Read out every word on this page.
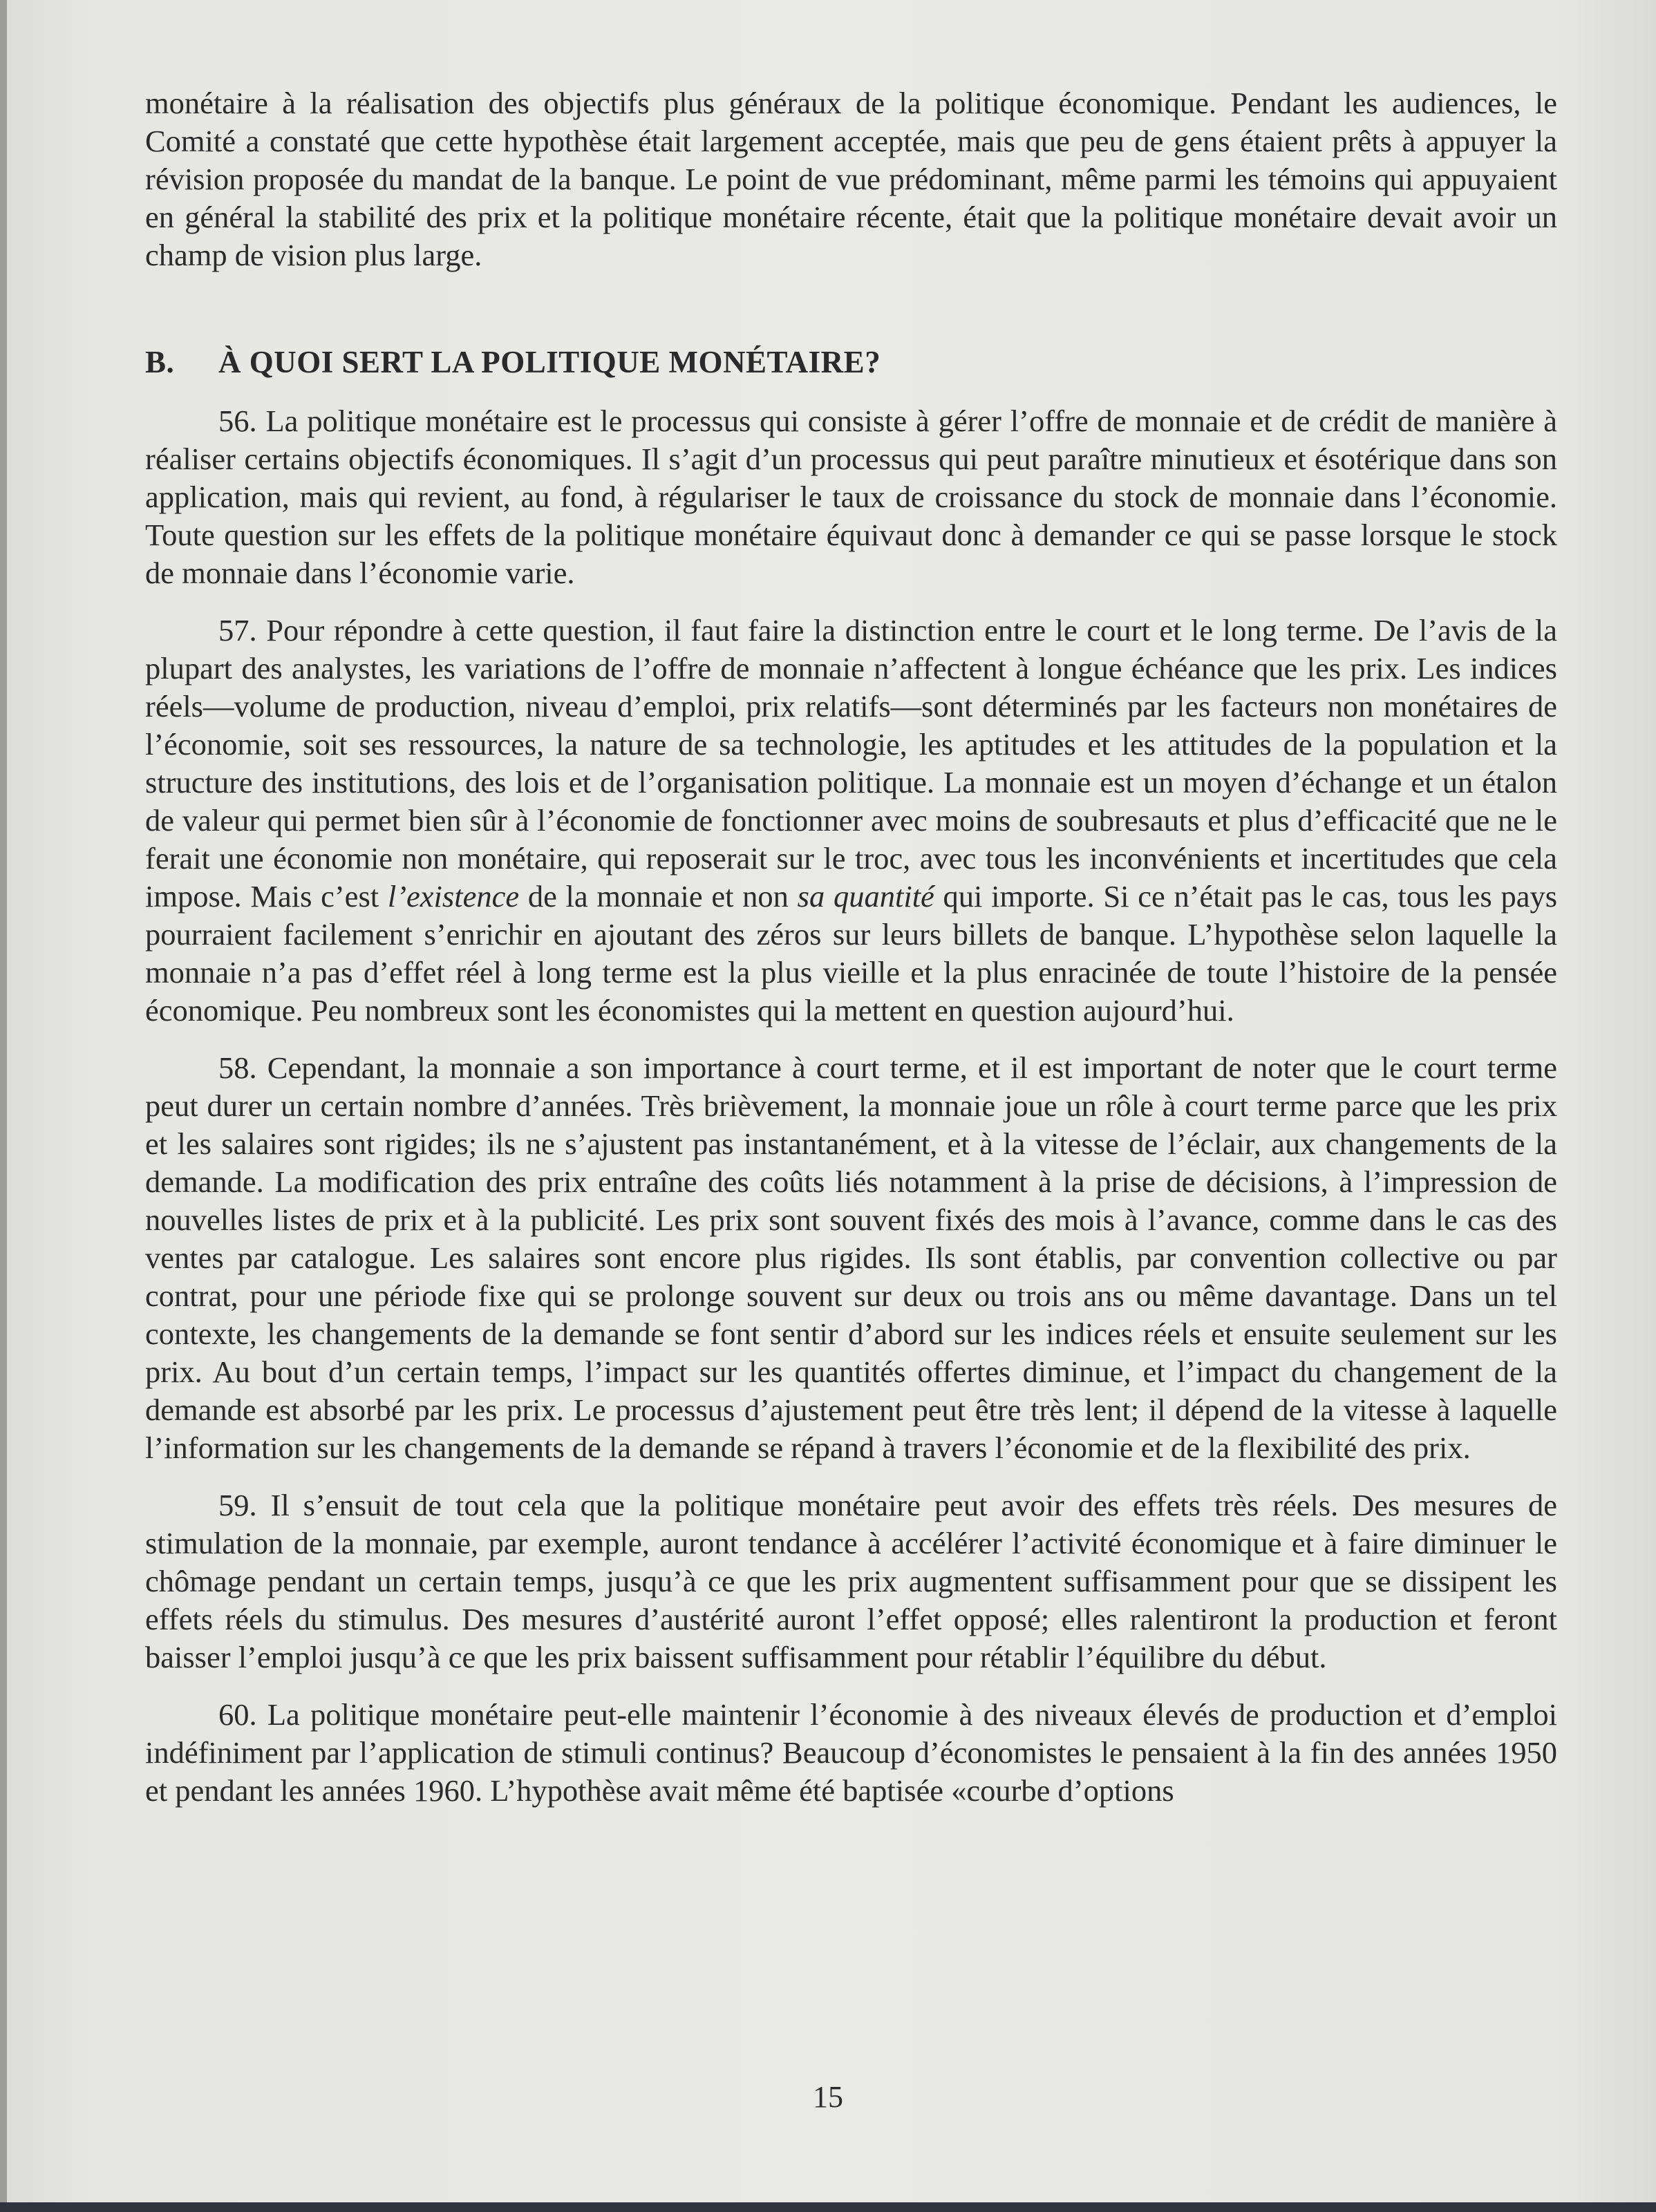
monétaire à la réalisation des objectifs plus généraux de la politique économique. Pendant les audiences, le Comité a constaté que cette hypothèse était largement acceptée, mais que peu de gens étaient prêts à appuyer la révision proposée du mandat de la banque. Le point de vue prédominant, même parmi les témoins qui appuyaient en général la stabilité des prix et la politique monétaire récente, était que la politique monétaire devait avoir un champ de vision plus large.

B. À QUOI SERT LA POLITIQUE MONÉTAIRE?

56. La politique monétaire est le processus qui consiste à gérer l’offre de monnaie et de crédit de manière à réaliser certains objectifs économiques. Il s’agit d’un processus qui peut paraître minutieux et ésotérique dans son application, mais qui revient, au fond, à régulariser le taux de croissance du stock de monnaie dans l’économie. Toute question sur les effets de la politique monétaire équivaut donc à demander ce qui se passe lorsque le stock de monnaie dans l’économie varie.

57. Pour répondre à cette question, il faut faire la distinction entre le court et le long terme. De l’avis de la plupart des analystes, les variations de l’offre de monnaie n’affectent à longue échéance que les prix. Les indices réels—volume de production, niveau d’emploi, prix relatifs—sont déterminés par les facteurs non monétaires de l’économie, soit ses ressources, la nature de sa technologie, les aptitudes et les attitudes de la population et la structure des institutions, des lois et de l’organisation politique. La monnaie est un moyen d’échange et un étalon de valeur qui permet bien sûr à l’économie de fonctionner avec moins de soubresauts et plus d’efficacité que ne le ferait une économie non monétaire, qui reposerait sur le troc, avec tous les inconvénients et incertitudes que cela impose. Mais c’est l’existence de la monnaie et non sa quantité qui importe. Si ce n’était pas le cas, tous les pays pourraient facilement s’enrichir en ajoutant des zéros sur leurs billets de banque. L’hypothèse selon laquelle la monnaie n’a pas d’effet réel à long terme est la plus vieille et la plus enracinée de toute l’histoire de la pensée économique. Peu nombreux sont les économistes qui la mettent en question aujourd’hui.

58. Cependant, la monnaie a son importance à court terme, et il est important de noter que le court terme peut durer un certain nombre d’années. Très brièvement, la monnaie joue un rôle à court terme parce que les prix et les salaires sont rigides; ils ne s’ajustent pas instantanément, et à la vitesse de l’éclair, aux changements de la demande. La modification des prix entraîne des coûts liés notamment à la prise de décisions, à l’impression de nouvelles listes de prix et à la publicité. Les prix sont souvent fixés des mois à l’avance, comme dans le cas des ventes par catalogue. Les salaires sont encore plus rigides. Ils sont établis, par convention collective ou par contrat, pour une période fixe qui se prolonge souvent sur deux ou trois ans ou même davantage. Dans un tel contexte, les changements de la demande se font sentir d’abord sur les indices réels et ensuite seulement sur les prix. Au bout d’un certain temps, l’impact sur les quantités offertes diminue, et l’impact du changement de la demande est absorbé par les prix. Le processus d’ajustement peut être très lent; il dépend de la vitesse à laquelle l’information sur les changements de la demande se répand à travers l’économie et de la flexibilité des prix.

59. Il s’ensuit de tout cela que la politique monétaire peut avoir des effets très réels. Des mesures de stimulation de la monnaie, par exemple, auront tendance à accélérer l’activité économique et à faire diminuer le chômage pendant un certain temps, jusqu’à ce que les prix augmentent suffisamment pour que se dissipent les effets réels du stimulus. Des mesures d’austérité auront l’effet opposé; elles ralentiront la production et feront baisser l’emploi jusqu’à ce que les prix baissent suffisamment pour rétablir l’équilibre du début.

60. La politique monétaire peut-elle maintenir l’économie à des niveaux élevés de production et d’emploi indéfiniment par l’application de stimuli continus? Beaucoup d’économistes le pensaient à la fin des années 1950 et pendant les années 1960. L’hypothèse avait même été baptisée «courbe d’options

15
